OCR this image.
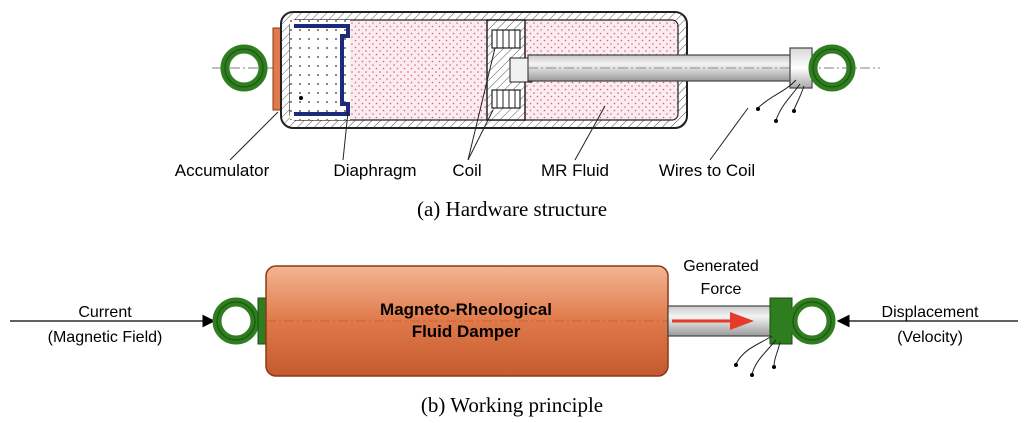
Accumulator	Diaphragm Coil	MR Fluid	Wires to Coil
(a) Hardware structure
Current
(Magnetic Field)
Displacement
(Velocity)
Magneto-Rheological
Fluid Damper
Generated
Force
(b) Working principle
